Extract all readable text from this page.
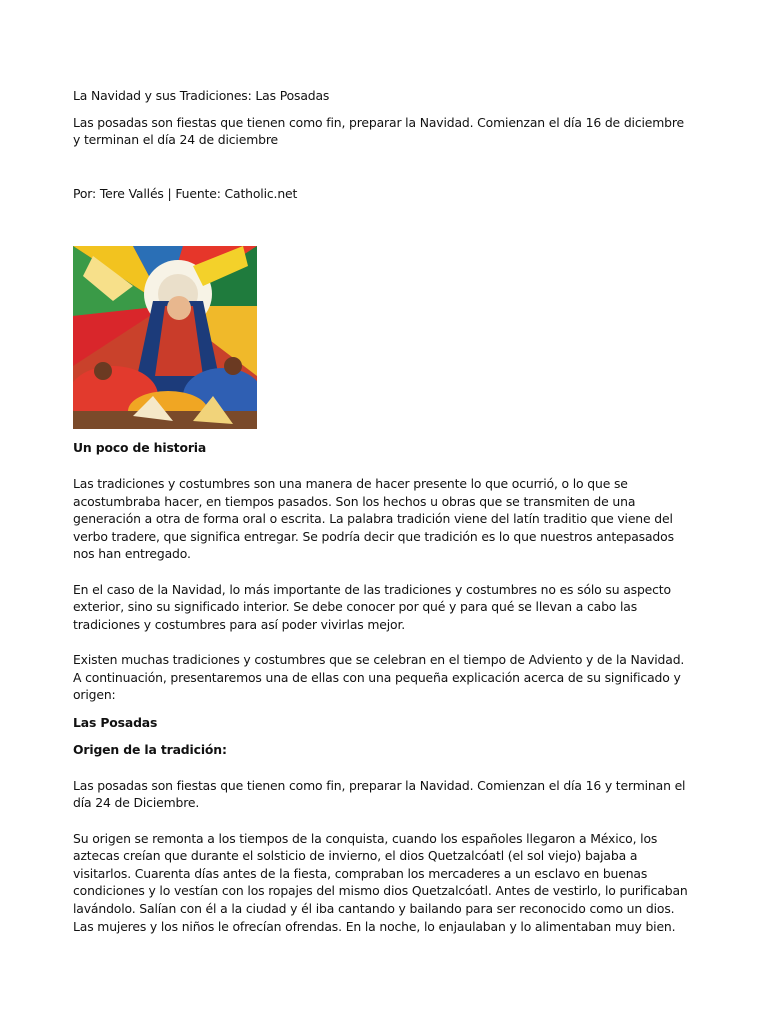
La Navidad y sus Tradiciones: Las Posadas

Las posadas son fiestas que tienen como fin, preparar la Navidad. Comienzan el día 16 de diciembre y terminan el día 24 de diciembre

Por: Tere Vallés | Fuente: Catholic.net

Un poco de historia

Las tradiciones y costumbres son una manera de hacer presente lo que ocurrió, o lo que se acostumbraba hacer, en tiempos pasados. Son los hechos u obras que se transmiten de una generación a otra de forma oral o escrita. La palabra tradición viene del latín traditio que viene del verbo tradere, que significa entregar. Se podría decir que tradición es lo que nuestros antepasados nos han entregado.

En el caso de la Navidad, lo más importante de las tradiciones y costumbres no es sólo su aspecto exterior, sino su significado interior. Se debe conocer por qué y para qué se llevan a cabo las tradiciones y costumbres para así poder vivirlas mejor.

Existen muchas tradiciones y costumbres que se celebran en el tiempo de Adviento y de la Navidad.

A continuación, presentaremos una de ellas con una pequeña explicación acerca de su significado y origen:

Las Posadas

Origen de la tradición:

Las posadas son fiestas que tienen como fin, preparar la Navidad. Comienzan el día 16 y terminan el día 24 de Diciembre.

Su origen se remonta a los tiempos de la conquista, cuando los españoles llegaron a México, los aztecas creían que durante el solsticio de invierno, el dios Quetzalcóatl (el sol viejo) bajaba a visitarlos. Cuarenta días antes de la fiesta, compraban los mercaderes a un esclavo en buenas condiciones y lo vestían con los ropajes del mismo dios Quetzalcóatl. Antes de vestirlo, lo purificaban lavándolo. Salían con él a la ciudad y él iba cantando y bailando para ser reconocido como un dios. Las mujeres y los niños le ofrecían ofrendas. En la noche, lo enjaulaban y lo alimentaban muy bien.
